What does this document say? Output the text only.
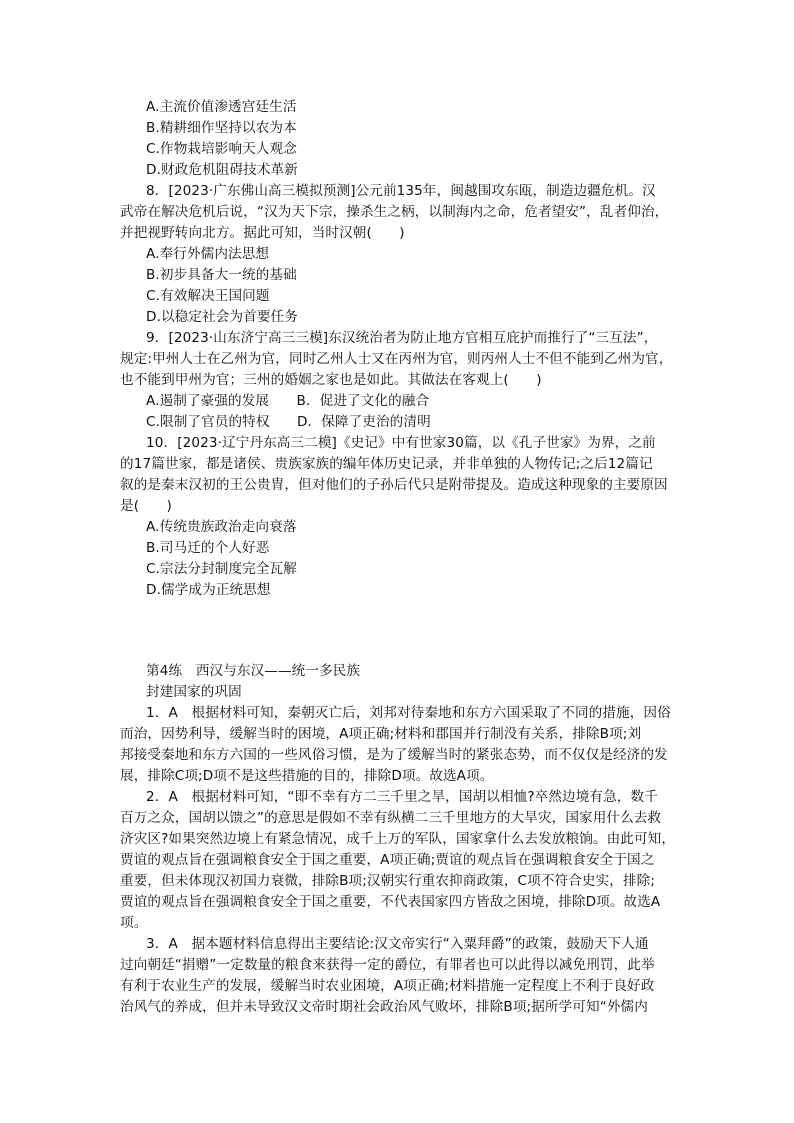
A.主流价值渗透宫廷生活
B.精耕细作坚持以农为本
C.作物栽培影响天人观念
D.财政危机阻碍技术革新
8．[2023·广东佛山高三模拟预测]公元前135年，闽越围攻东瓯，制造边疆危机。汉
武帝在解决危机后说，“汉为天下宗，操杀生之柄，以制海内之命，危者望安”，乱者仰治，
并把视野转向北方。据此可知，当时汉朝(　　)
A.奉行外儒内法思想
B.初步具备大一统的基础
C.有效解决王国问题
D.以稳定社会为首要任务
9．[2023·山东济宁高三三模]东汉统治者为防止地方官相互庇护而推行了“三互法”，
规定:甲州人士在乙州为官，同时乙州人士又在丙州为官，则丙州人士不但不能到乙州为官，
也不能到甲州为官；三州的婚姻之家也是如此。其做法在客观上(　　)
A.遏制了豪强的发展　　B．促进了文化的融合
C.限制了官员的特权　　D．保障了吏治的清明
10．[2023·辽宁丹东高三二模]《史记》中有世家30篇，以《孔子世家》为界，之前
的17篇世家，都是诸侯、贵族家族的编年体历史记录，并非单独的人物传记;之后12篇记
叙的是秦末汉初的王公贵胄，但对他们的子孙后代只是附带提及。造成这种现象的主要原因
是(　　)
A.传统贵族政治走向衰落
B.司马迁的个人好恶
C.宗法分封制度完全瓦解
D.儒学成为正统思想
第4练　西汉与东汉——统一多民族
封建国家的巩固
1．A　根据材料可知，秦朝灭亡后，刘邦对待秦地和东方六国采取了不同的措施，因俗
而治，因势利导，缓解当时的困境，A项正确;材料和郡国并行制没有关系，排除B项;刘
邦接受秦地和东方六国的一些风俗习惯，是为了缓解当时的紧张态势，而不仅仅是经济的发
展，排除C项;D项不是这些措施的目的，排除D项。故选A项。
2．A　根据材料可知，“即不幸有方二三千里之旱，国胡以相恤?卒然边境有急，数千
百万之众，国胡以馈之”的意思是假如不幸有纵横二三千里地方的大旱灾，国家用什么去救
济灾区?如果突然边境上有紧急情况，成千上万的军队，国家拿什么去发放粮饷。由此可知，
贾谊的观点旨在强调粮食安全于国之重要，A项正确;贾谊的观点旨在强调粮食安全于国之
重要，但未体现汉初国力衰微，排除B项;汉朝实行重农抑商政策，C项不符合史实，排除;
贾谊的观点旨在强调粮食安全于国之重要，不代表国家四方皆敌之困境，排除D项。故选A
项。
3．A　据本题材料信息得出主要结论:汉文帝实行“入粟拜爵”的政策，鼓励天下人通
过向朝廷“捐赠”一定数量的粮食来获得一定的爵位，有罪者也可以此得以减免刑罚，此举
有利于农业生产的发展，缓解当时农业困境，A项正确;材料措施一定程度上不利于良好政
治风气的养成，但并未导致汉文帝时期社会政治风气败坏，排除B项;据所学可知“外儒内
